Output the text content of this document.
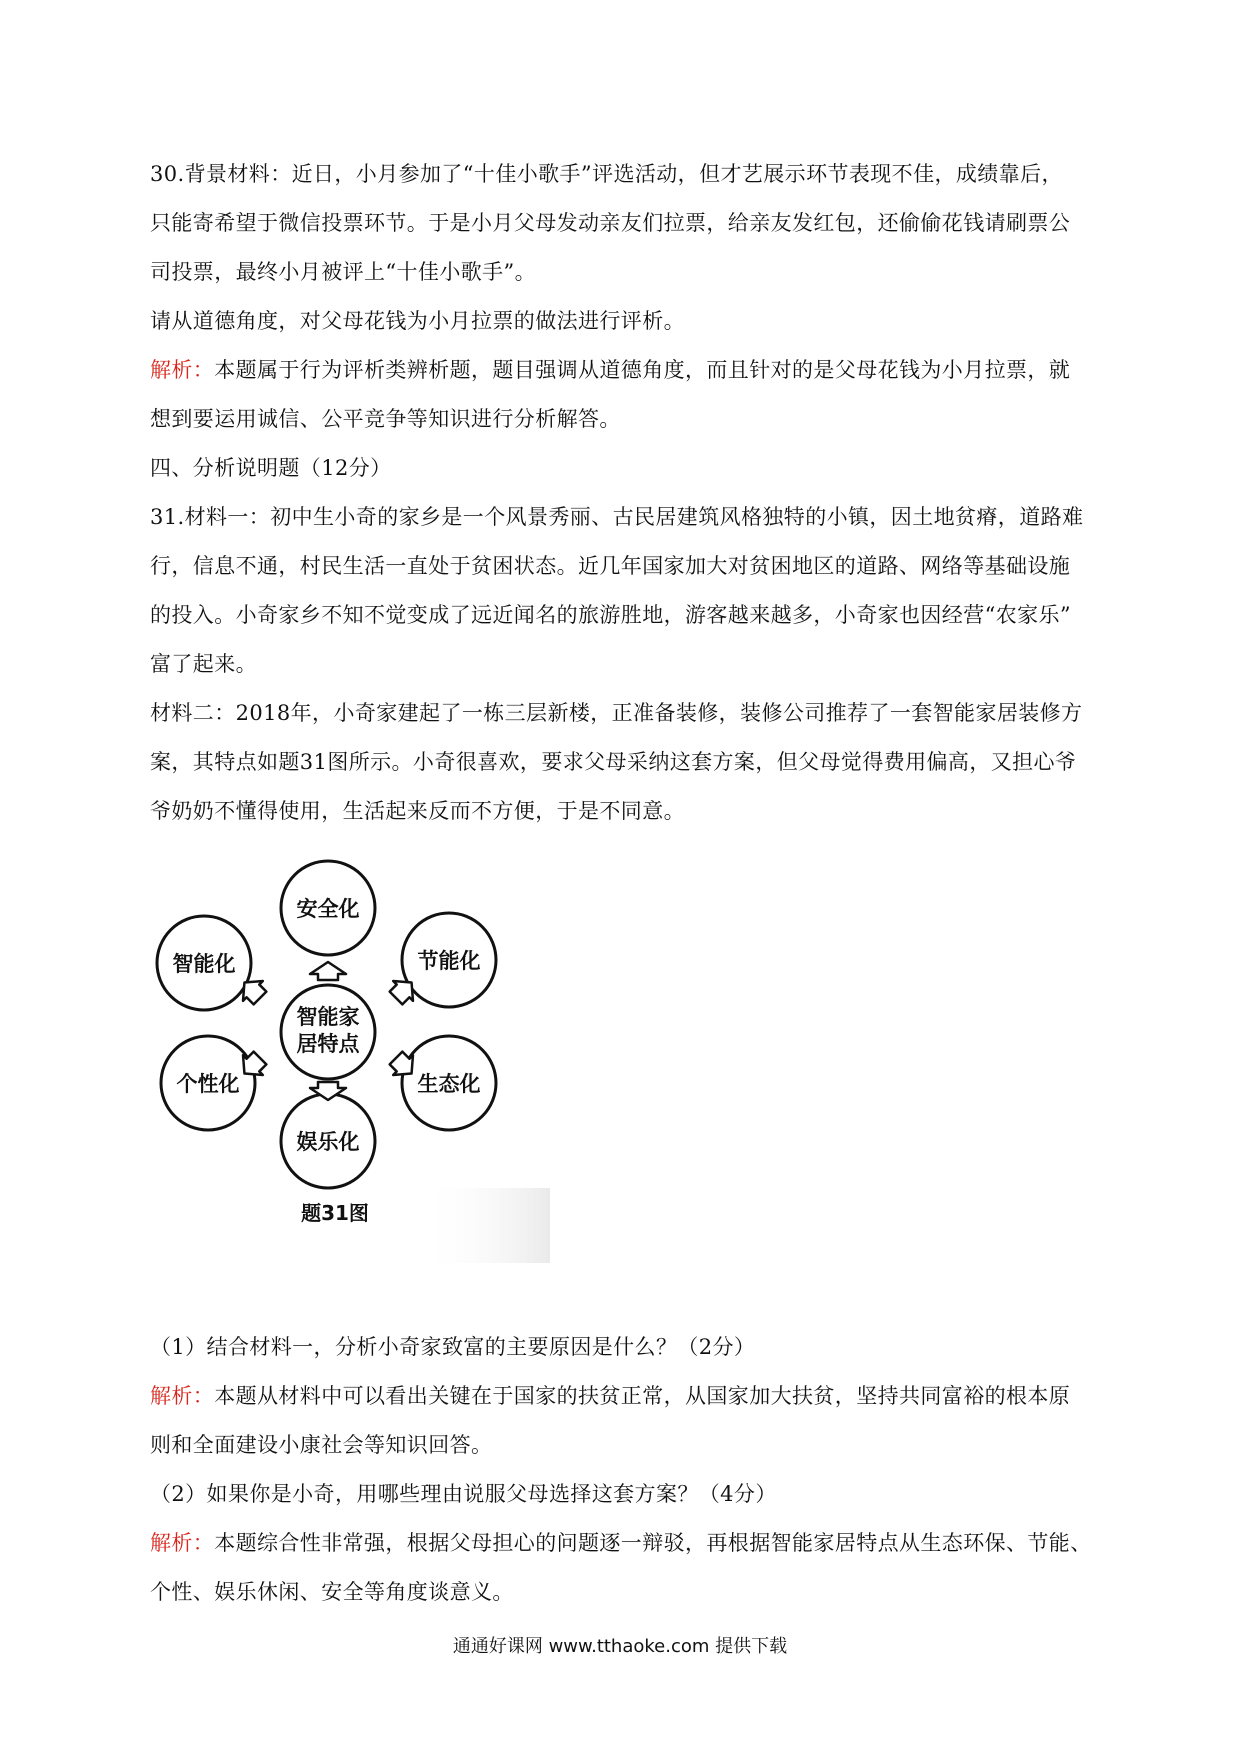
30.背景材料：近日，小月参加了“十佳小歌手”评选活动，但才艺展示环节表现不佳，成绩靠后，
只能寄希望于微信投票环节。于是小月父母发动亲友们拉票，给亲友发红包，还偷偷花钱请刷票公
司投票，最终小月被评上“十佳小歌手”。
请从道德角度，对父母花钱为小月拉票的做法进行评析。
解析：本题属于行为评析类辨析题，题目强调从道德角度，而且针对的是父母花钱为小月拉票，就
想到要运用诚信、公平竞争等知识进行分析解答。
四、分析说明题（12分）
31.材料一：初中生小奇的家乡是一个风景秀丽、古民居建筑风格独特的小镇，因土地贫瘠，道路难
行，信息不通，村民生活一直处于贫困状态。近几年国家加大对贫困地区的道路、网络等基础设施
的投入。小奇家乡不知不觉变成了远近闻名的旅游胜地，游客越来越多，小奇家也因经营“农家乐”
富了起来。
材料二：2018年，小奇家建起了一栋三层新楼，正准备装修，装修公司推荐了一套智能家居装修方
案，其特点如题31图所示。小奇很喜欢，要求父母采纳这套方案，但父母觉得费用偏高，又担心爷
爷奶奶不懂得使用，生活起来反而不方便，于是不同意。
智能家
居特点
安全化
智能化	节能化
个性化	生态化
娱乐化
题31图
（1）结合材料一，分析小奇家致富的主要原因是什么？（2分）
解析：本题从材料中可以看出关键在于国家的扶贫正常，从国家加大扶贫，坚持共同富裕的根本原
则和全面建设小康社会等知识回答。
（2）如果你是小奇，用哪些理由说服父母选择这套方案？（4分）
解析：本题综合性非常强，根据父母担心的问题逐一辩驳，再根据智能家居特点从生态环保、节能、
个性、娱乐休闲、安全等角度谈意义。
通通好课网 www.tthaoke.com 提供下载
